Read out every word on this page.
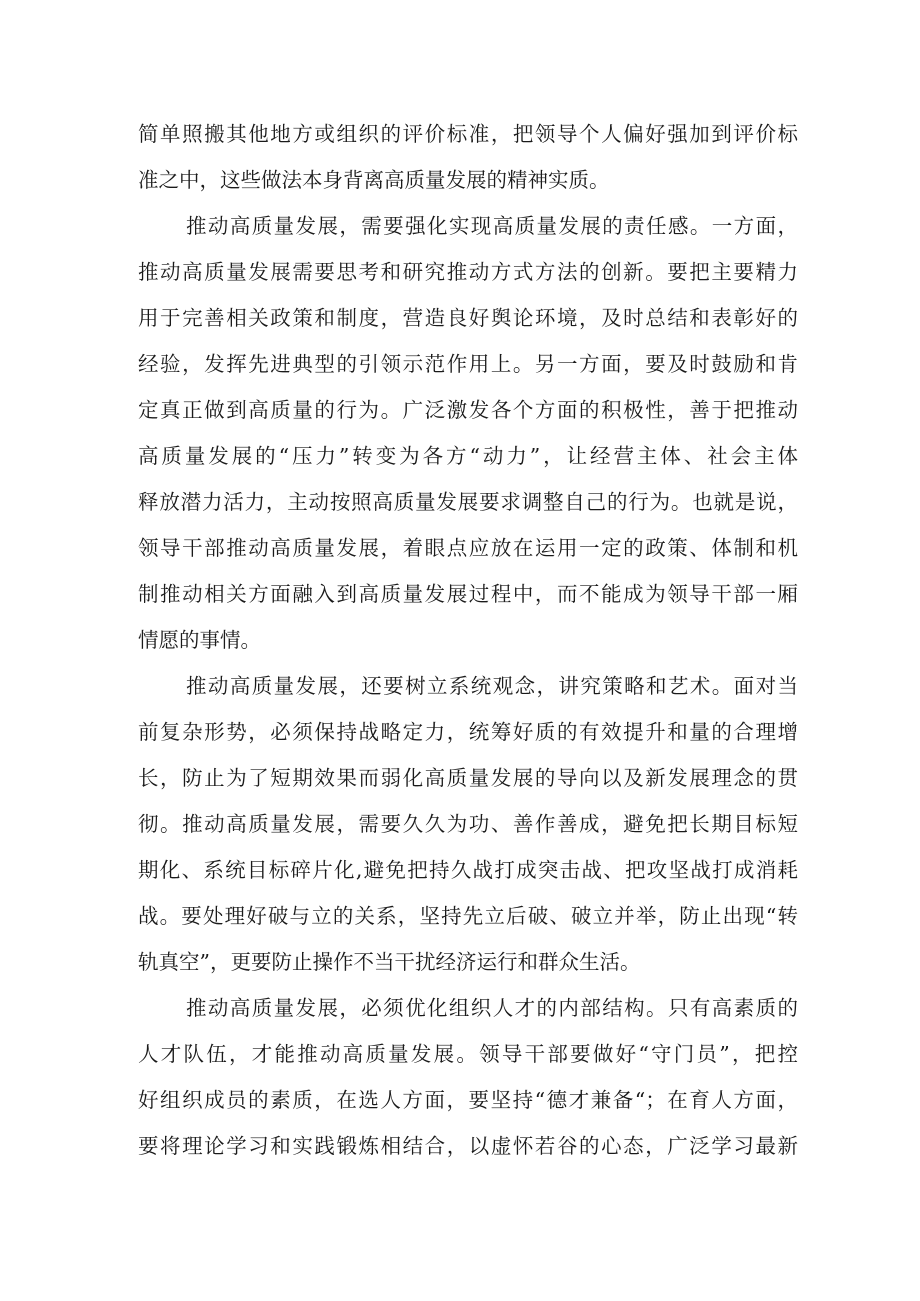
简单照搬其他地方或组织的评价标准，把领导个人偏好强加到评价标
准之中，这些做法本身背离高质量发展的精神实质。
推动高质量发展，需要强化实现高质量发展的责任感。一方面，
推动高质量发展需要思考和研究推动方式方法的创新。要把主要精力
用于完善相关政策和制度，营造良好舆论环境，及时总结和表彰好的
经验，发挥先进典型的引领示范作用上。另一方面，要及时鼓励和肯
定真正做到高质量的行为。广泛激发各个方面的积极性，善于把推动
高质量发展的“压力”转变为各方“动力”，让经营主体、社会主体
释放潜力活力，主动按照高质量发展要求调整自己的行为。也就是说，
领导干部推动高质量发展，着眼点应放在运用一定的政策、体制和机
制推动相关方面融入到高质量发展过程中，而不能成为领导干部一厢
情愿的事情。
推动高质量发展，还要树立系统观念，讲究策略和艺术。面对当
前复杂形势，必须保持战略定力，统筹好质的有效提升和量的合理增
长，防止为了短期效果而弱化高质量发展的导向以及新发展理念的贯
彻。推动高质量发展，需要久久为功、善作善成，避免把长期目标短
期化、系统目标碎片化,避免把持久战打成突击战、把攻坚战打成消耗
战。要处理好破与立的关系，坚持先立后破、破立并举，防止出现“转
轨真空”，更要防止操作不当干扰经济运行和群众生活。
推动高质量发展，必须优化组织人才的内部结构。只有高素质的
人才队伍，才能推动高质量发展。领导干部要做好“守门员”，把控
好组织成员的素质，在选人方面，要坚持“德才兼备“；在育人方面，
要将理论学习和实践锻炼相结合，以虚怀若谷的心态，广泛学习最新
